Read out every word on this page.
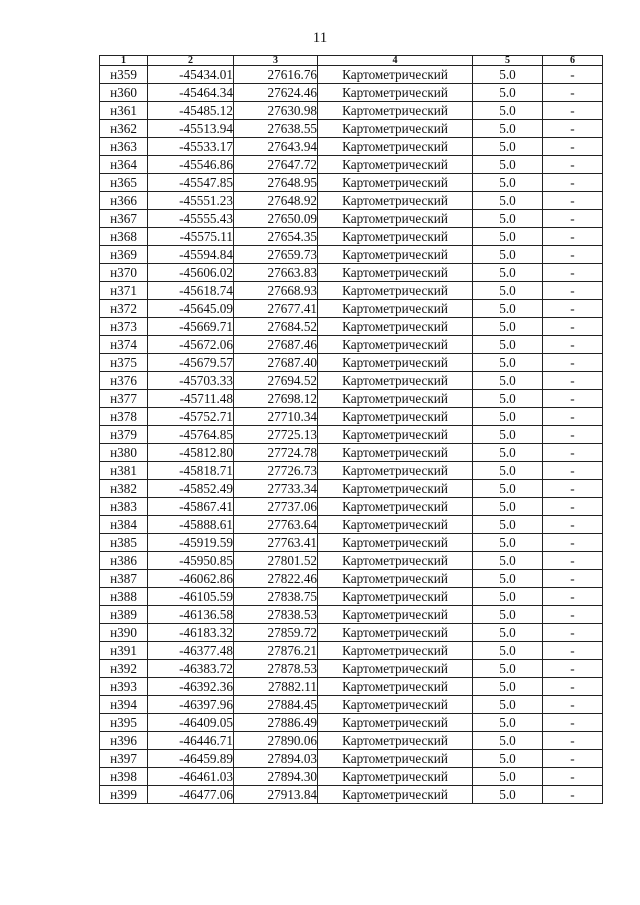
11
1	2	3	4	5	6
н359	-45434.01	27616.76	Картометрический	5.0	-
н360	-45464.34	27624.46	Картометрический	5.0	-
н361	-45485.12	27630.98	Картометрический	5.0	-
н362	-45513.94	27638.55	Картометрический	5.0	-
н363	-45533.17	27643.94	Картометрический	5.0	-
н364	-45546.86	27647.72	Картометрический	5.0	-
н365	-45547.85	27648.95	Картометрический	5.0	-
н366	-45551.23	27648.92	Картометрический	5.0	-
н367	-45555.43	27650.09	Картометрический	5.0	-
н368	-45575.11	27654.35	Картометрический	5.0	-
н369	-45594.84	27659.73	Картометрический	5.0	-
н370	-45606.02	27663.83	Картометрический	5.0	-
н371	-45618.74	27668.93	Картометрический	5.0	-
н372	-45645.09	27677.41	Картометрический	5.0	-
н373	-45669.71	27684.52	Картометрический	5.0	-
н374	-45672.06	27687.46	Картометрический	5.0	-
н375	-45679.57	27687.40	Картометрический	5.0	-
н376	-45703.33	27694.52	Картометрический	5.0	-
н377	-45711.48	27698.12	Картометрический	5.0	-
н378	-45752.71	27710.34	Картометрический	5.0	-
н379	-45764.85	27725.13	Картометрический	5.0	-
н380	-45812.80	27724.78	Картометрический	5.0	-
н381	-45818.71	27726.73	Картометрический	5.0	-
н382	-45852.49	27733.34	Картометрический	5.0	-
н383	-45867.41	27737.06	Картометрический	5.0	-
н384	-45888.61	27763.64	Картометрический	5.0	-
н385	-45919.59	27763.41	Картометрический	5.0	-
н386	-45950.85	27801.52	Картометрический	5.0	-
н387	-46062.86	27822.46	Картометрический	5.0	-
н388	-46105.59	27838.75	Картометрический	5.0	-
н389	-46136.58	27838.53	Картометрический	5.0	-
н390	-46183.32	27859.72	Картометрический	5.0	-
н391	-46377.48	27876.21	Картометрический	5.0	-
н392	-46383.72	27878.53	Картометрический	5.0	-
н393	-46392.36	27882.11	Картометрический	5.0	-
н394	-46397.96	27884.45	Картометрический	5.0	-
н395	-46409.05	27886.49	Картометрический	5.0	-
н396	-46446.71	27890.06	Картометрический	5.0	-
н397	-46459.89	27894.03	Картометрический	5.0	-
н398	-46461.03	27894.30	Картометрический	5.0	-
н399	-46477.06	27913.84	Картометрический	5.0	-
